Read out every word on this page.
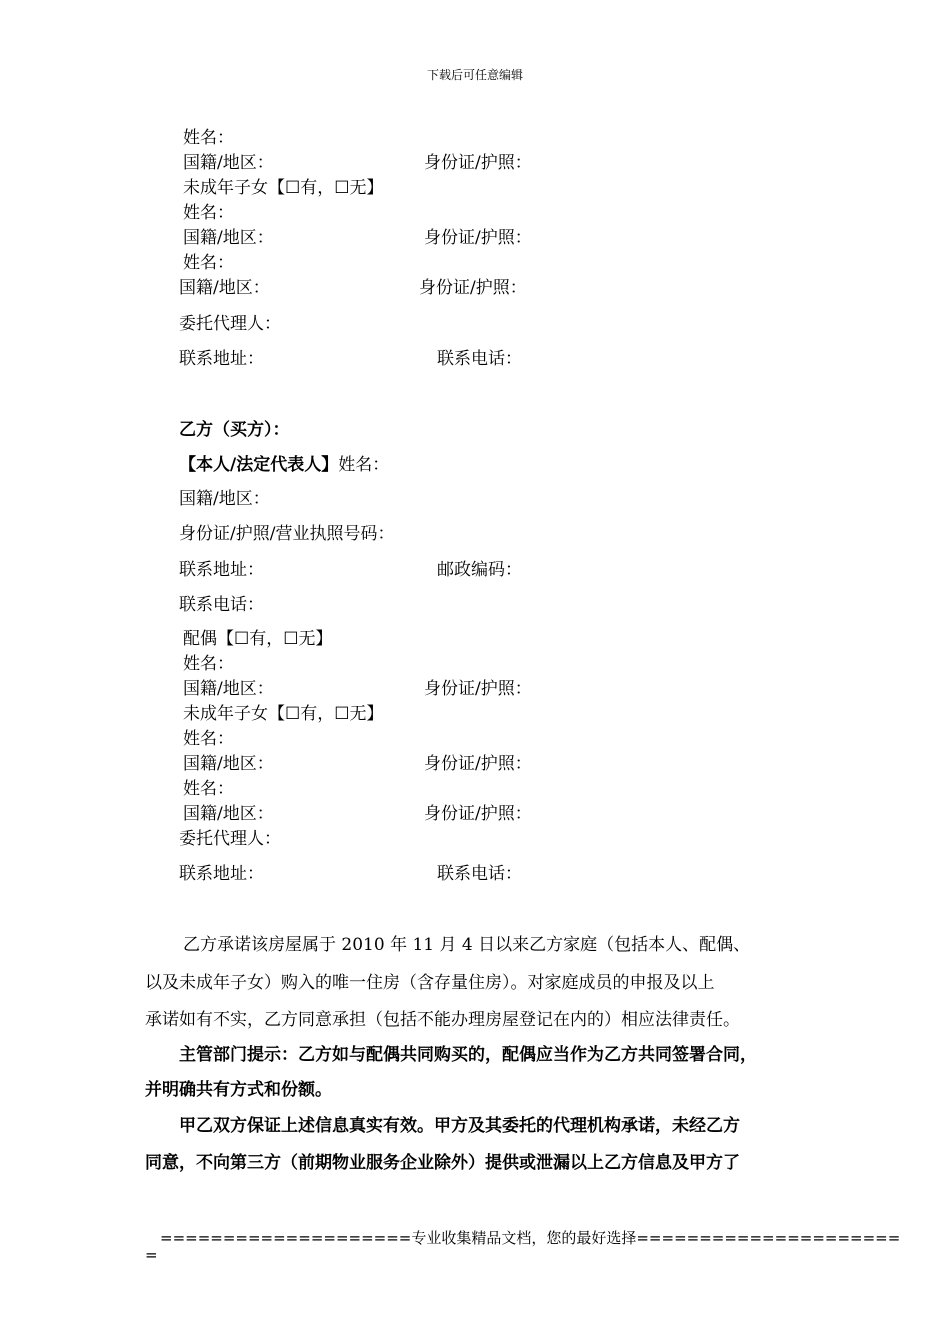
下载后可任意编辑
姓名：
国籍/地区：	身份证/护照：
未成年子女【☐有，☐无】
姓名：
国籍/地区：	身份证/护照：
姓名：
国籍/地区：	身份证/护照：
委托代理人：
联系地址：	联系电话：
乙方（买方）：
【本人/法定代表人】姓名：
国籍/地区：
身份证/护照/营业执照号码：
联系地址：	邮政编码：
联系电话：
配偶【☐有，☐无】
姓名：
国籍/地区：	身份证/护照：
未成年子女【☐有，☐无】
姓名：
国籍/地区：	身份证/护照：
姓名：
国籍/地区：	身份证/护照：
委托代理人：
联系地址：	联系电话：
乙方承诺该房屋属于 2010 年 11 月 4 日以来乙方家庭（包括本人、配偶、
以及未成年子女）购入的唯一住房（含存量住房）。对家庭成员的申报及以上
承诺如有不实，乙方同意承担（包括不能办理房屋登记在内的）相应法律责任。
主管部门提示：乙方如与配偶共同购买的，配偶应当作为乙方共同签署合同，
并明确共有方式和份额。
甲乙双方保证上述信息真实有效。甲方及其委托的代理机构承诺，未经乙方
同意，不向第三方（前期物业服务企业除外）提供或泄漏以上乙方信息及甲方了
====================专业收集精品文档，您的最好选择=====================
=
